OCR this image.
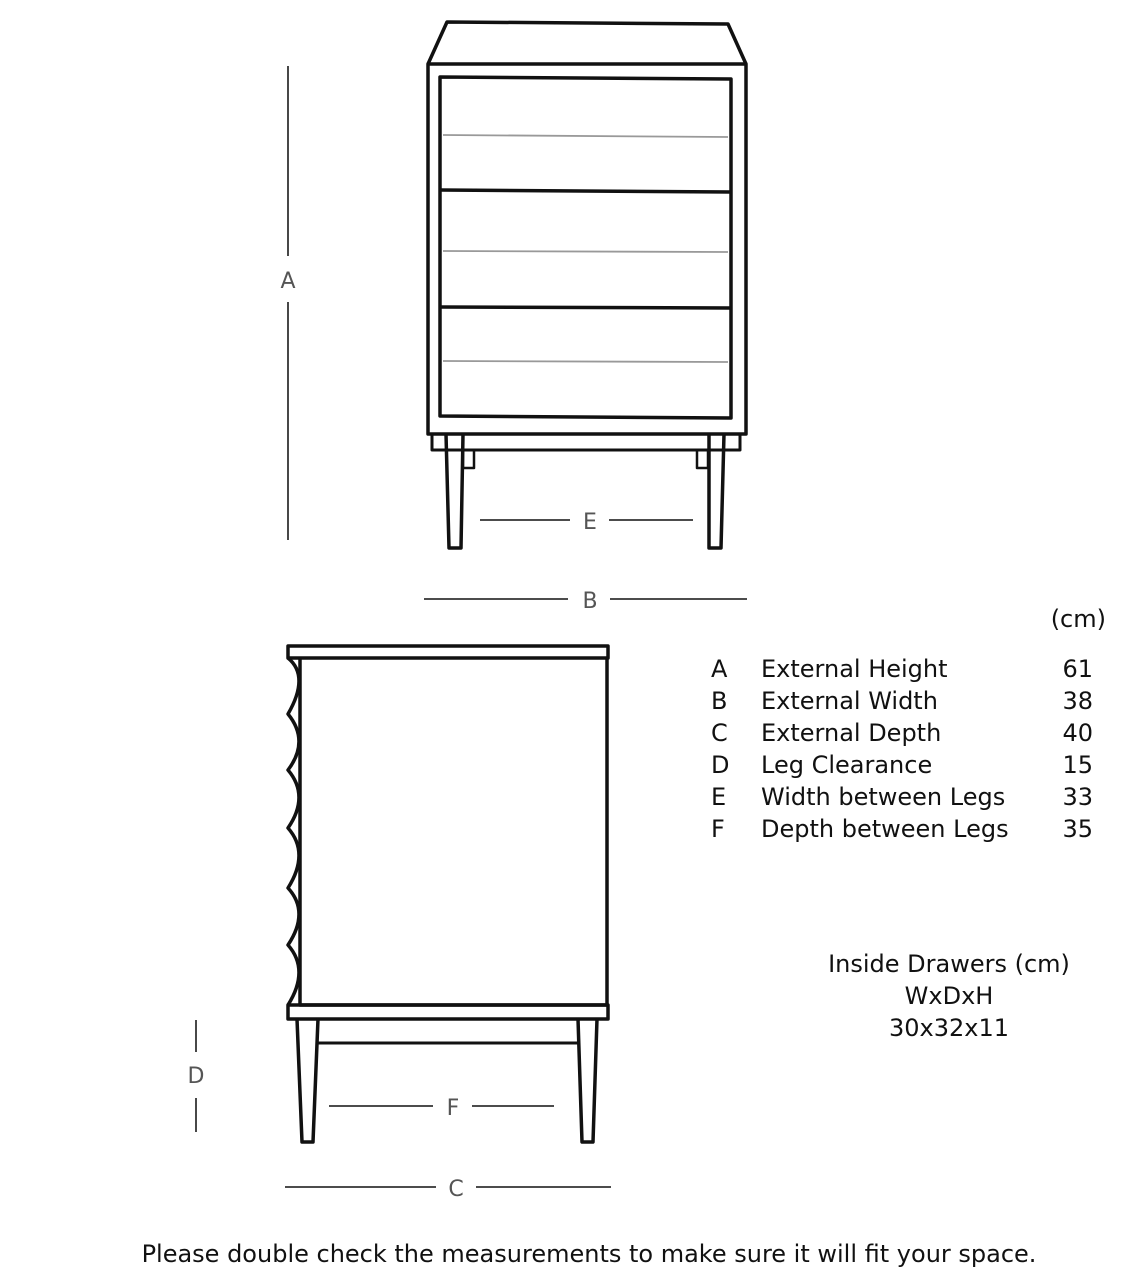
A
E
B
D
F
C
(cm)
A External Height	61
B External Width	38
C External Depth	40
D Leg Clearance	15
E Width between Legs 33
F Depth between Legs 35
Inside Drawers (cm)
WxDxH
30x32x11
Please double check the measurements to make sure it will fit your space.
